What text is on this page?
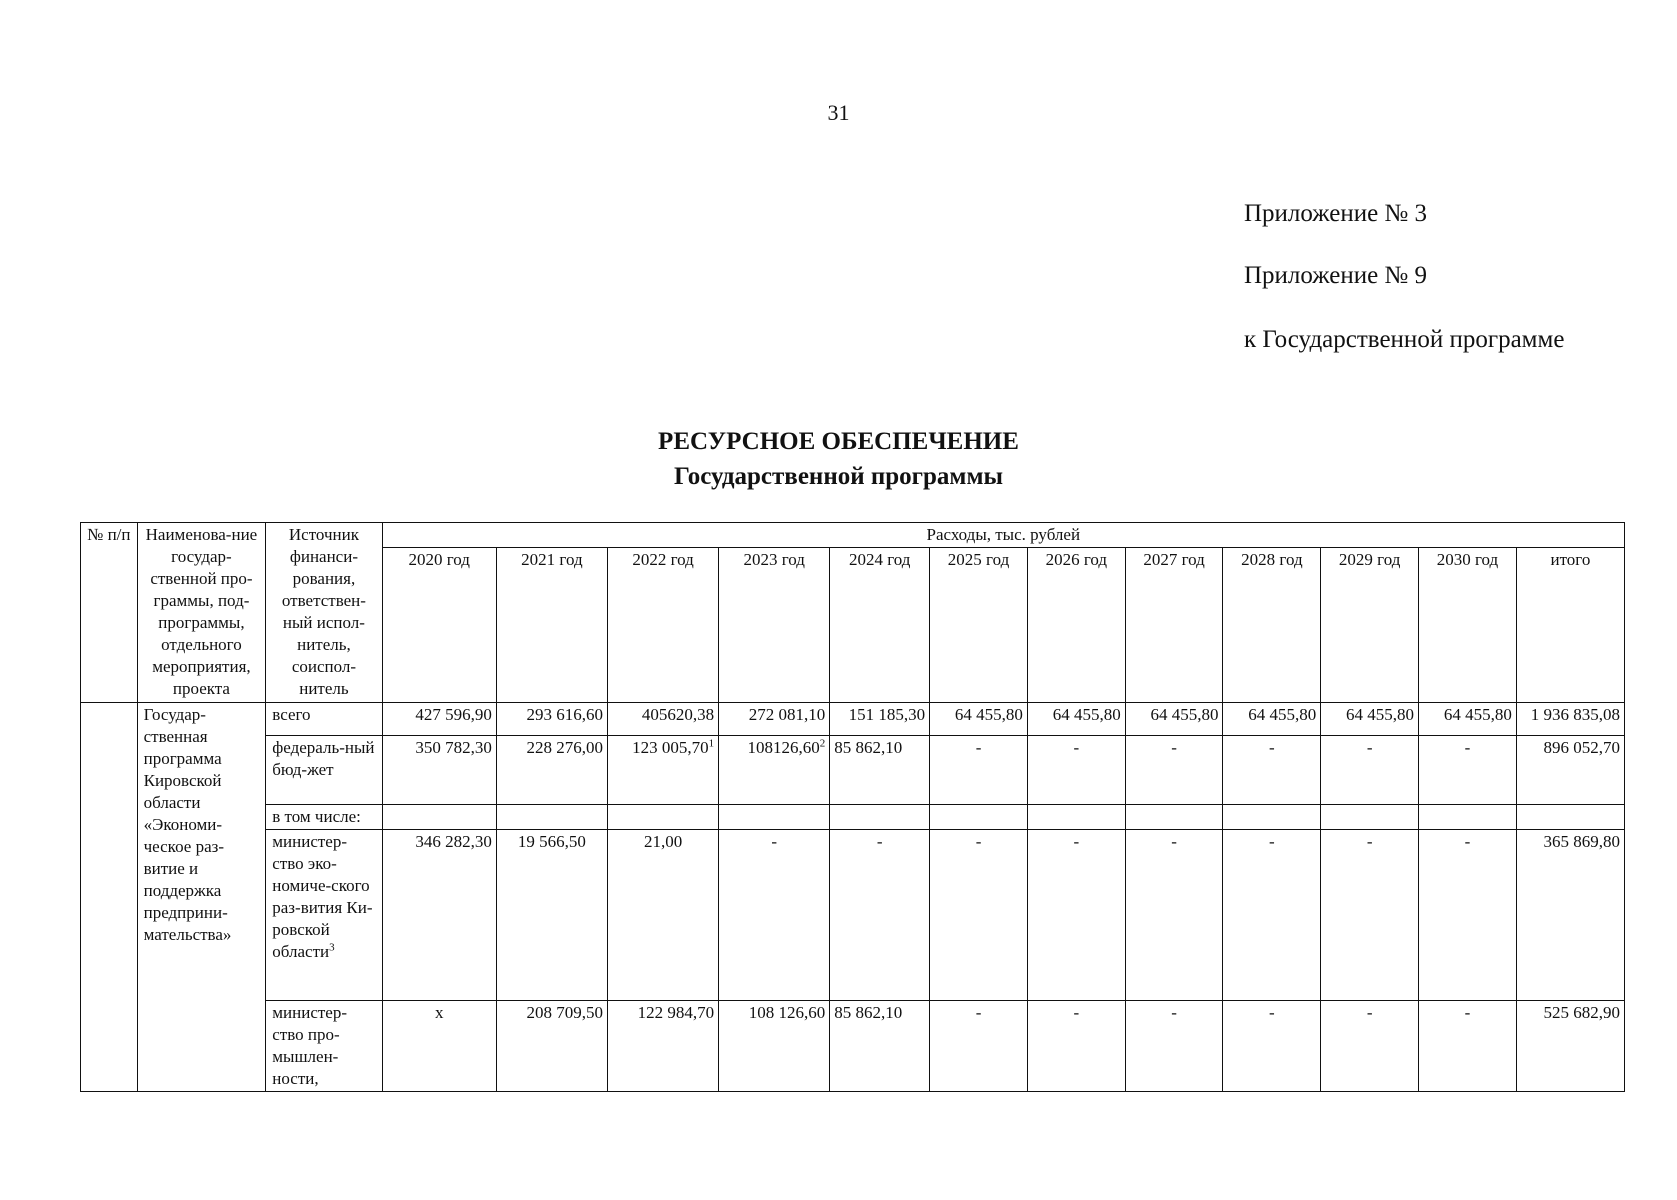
31
Приложение № 3
Приложение № 9
к Государственной программе
РЕСУРСНОЕ ОБЕСПЕЧЕНИЕ
Государственной программы
№ п/п	Наименова-ние государ-ственной про-граммы, под-программы, отдельного мероприятия, проекта	Источник финанси-рования, ответствен-ный испол-нитель, соиспол-нитель	Расходы, тыс. рублей											
			2020 год	2021 год	2022 год	2023 год	2024 год	2025 год	2026 год	2027 год	2028 год	2029 год	2030 год	итого
	Государ-ственная программа Кировской области «Экономи-ческое раз-витие и поддержка предприни-мательства»	всего	427 596,90	293 616,60	405620,38	272 081,10	151 185,30	64 455,80	64 455,80	64 455,80	64 455,80	64 455,80	64 455,80	1 936 835,08
		федераль-ный бюд-жет	350 782,30	228 276,00	123 005,70$^1$	108126,60$^2$	85 862,10	-	-	-	-	-	-	896 052,70
		в том числе:												
		министер-ство эко-номиче-ского раз-вития Ки-ровской области$^3$	346 282,30	19 566,50	21,00	-	-	-	-	-	-	-	-	365 869,80
		министер-ство про-мышлен-ности,	х	208 709,50	122 984,70	108 126,60	85 862,10	-	-	-	-	-	-	525 682,90
